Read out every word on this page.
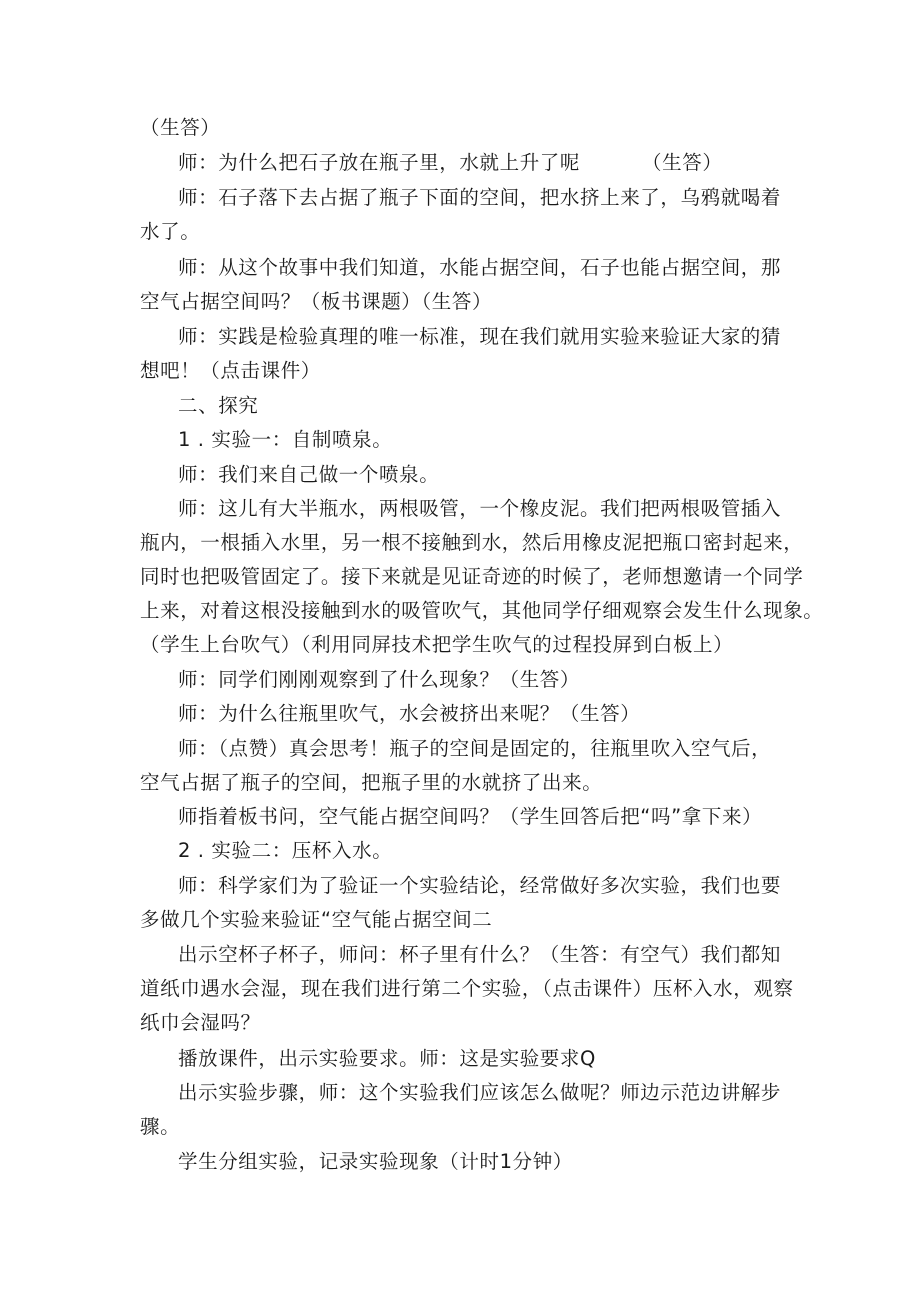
（生答）
师：为什么把石子放在瓶子里，水就上升了呢	（生答）
师：石子落下去占据了瓶子下面的空间，把水挤上来了，乌鸦就喝着
水了。
师：从这个故事中我们知道，水能占据空间，石子也能占据空间，那
空气占据空间吗？（板书课题）（生答）
师：实践是检验真理的唯一标准，现在我们就用实验来验证大家的猜
想吧！（点击课件）
二、探究
1 . 实验一：自制喷泉。
师：我们来自己做一个喷泉。
师：这儿有大半瓶水，两根吸管，一个橡皮泥。我们把两根吸管插入
瓶内，一根插入水里，另一根不接触到水，然后用橡皮泥把瓶口密封起来，
同时也把吸管固定了。接下来就是见证奇迹的时候了，老师想邀请一个同学
上来，对着这根没接触到水的吸管吹气，其他同学仔细观察会发生什么现象。
（学生上台吹气）（利用同屏技术把学生吹气的过程投屏到白板上）
师：同学们刚刚观察到了什么现象？（生答）
师：为什么往瓶里吹气，水会被挤出来呢？（生答）
师：（点赞）真会思考！瓶子的空间是固定的，往瓶里吹入空气后，
空气占据了瓶子的空间，把瓶子里的水就挤了出来。
师指着板书问，空气能占据空间吗？（学生回答后把“吗”拿下来）
2 . 实验二：压杯入水。
师：科学家们为了验证一个实验结论，经常做好多次实验，我们也要
多做几个实验来验证“空气能占据空间二
出示空杯子杯子，师问：杯子里有什么？（生答：有空气）我们都知
道纸巾遇水会湿，现在我们进行第二个实验，（点击课件）压杯入水，观察
纸巾会湿吗？
播放课件，出示实验要求。师：这是实验要求Q
出示实验步骤，师：这个实验我们应该怎么做呢？师边示范边讲解步
骤。
学生分组实验，记录实验现象（计时1分钟）
